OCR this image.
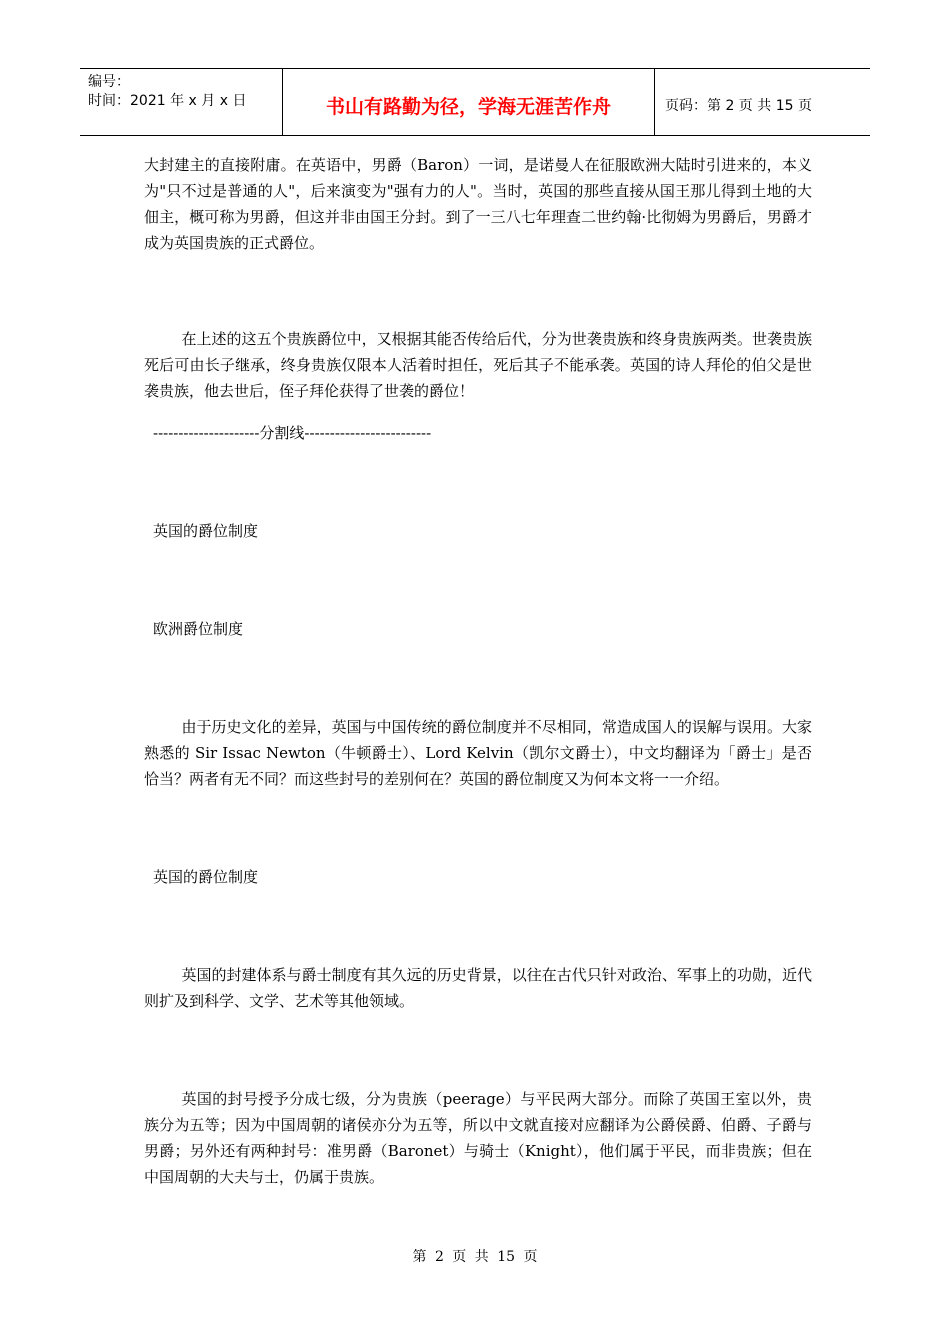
编号：
时间：2021 年 x 月 x 日	书山有路勤为径，学海无涯苦作舟	页码：第 2 页 共 15 页

大封建主的直接附庸。在英语中，男爵（Baron）一词，是诺曼人在征服欧洲大陆时引进来的，本义为"只不过是普通的人"，后来演变为"强有力的人"。当时，英国的那些直接从国王那儿得到土地的大佃主，概可称为男爵，但这并非由国王分封。到了一三八七年理查二世约翰·比彻姆为男爵后，男爵才成为英国贵族的正式爵位。

在上述的这五个贵族爵位中，又根据其能否传给后代，分为世袭贵族和终身贵族两类。世袭贵族死后可由长子继承，终身贵族仅限本人活着时担任，死后其子不能承袭。英国的诗人拜伦的伯父是世袭贵族，他去世后，侄子拜伦获得了世袭的爵位！

---------------------分割线-------------------------

英国的爵位制度

欧洲爵位制度

由于历史文化的差异，英国与中国传统的爵位制度并不尽相同，常造成国人的误解与误用。大家熟悉的 Sir Issac Newton（牛顿爵士）、Lord Kelvin（凯尔文爵士），中文均翻译为「爵士」是否恰当？两者有无不同？而这些封号的差别何在？英国的爵位制度又为何本文将一一介绍。

英国的爵位制度

英国的封建体系与爵士制度有其久远的历史背景，以往在古代只针对政治、军事上的功勋，近代则扩及到科学、文学、艺术等其他领域。

英国的封号授予分成七级，分为贵族（peerage）与平民两大部分。而除了英国王室以外，贵族分为五等；因为中国周朝的诸侯亦分为五等，所以中文就直接对应翻译为公爵侯爵、伯爵、子爵与男爵；另外还有两种封号：准男爵（Baronet）与骑士（Knight），他们属于平民，而非贵族；但在中国周朝的大夫与士，仍属于贵族。

第 2 页 共 15 页
